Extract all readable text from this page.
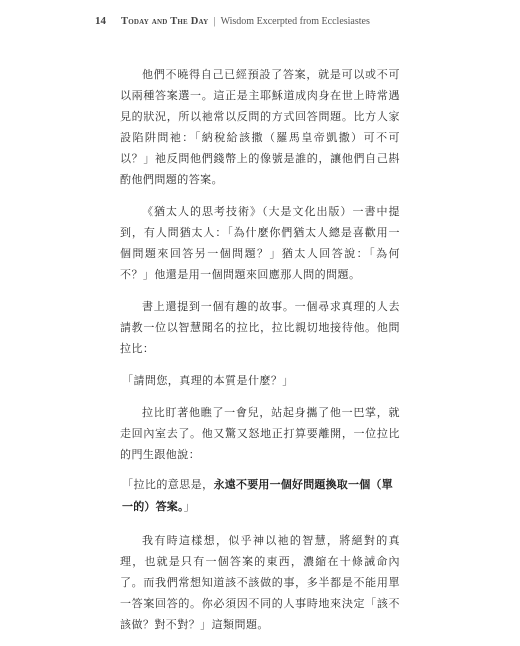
14 Today and The Day | Wisdom Excerpted from Ecclesiastes

他們不曉得自己已經預設了答案，就是可以或不可以兩種答案選一。這正是主耶穌道成肉身在世上時常遇見的狀況，所以祂常以反問的方式回答問題。比方人家設陷阱問祂：「納稅給該撒（羅馬皇帝凱撒）可不可以？」祂反問他們錢幣上的像號是誰的，讓他們自己斟酌他們問題的答案。

《猶太人的思考技術》（大是文化出版）一書中提到，有人問猶太人：「為什麼你們猶太人總是喜歡用一個問題來回答另一個問題？」猶太人回答說：「為何不？」他還是用一個問題來回應那人問的問題。

書上還提到一個有趣的故事。一個尋求真理的人去請教一位以智慧聞名的拉比，拉比親切地接待他。他問拉比：

「請問您，真理的本質是什麼？」

拉比盯著他瞧了一會兒，站起身攜了他一巴掌，就走回內室去了。他又驚又怒地正打算要離開，一位拉比的門生跟他說：

「拉比的意思是，永遠不要用一個好問題換取一個（單一的）答案。」

我有時這樣想，似乎神以祂的智慧，將絕對的真理，也就是只有一個答案的東西，濃縮在十條誡命內了。而我們常想知道該不該做的事，多半都是不能用單一答案回答的。你必須因不同的人事時地來決定「該不該做？對不對？」這類問題。
